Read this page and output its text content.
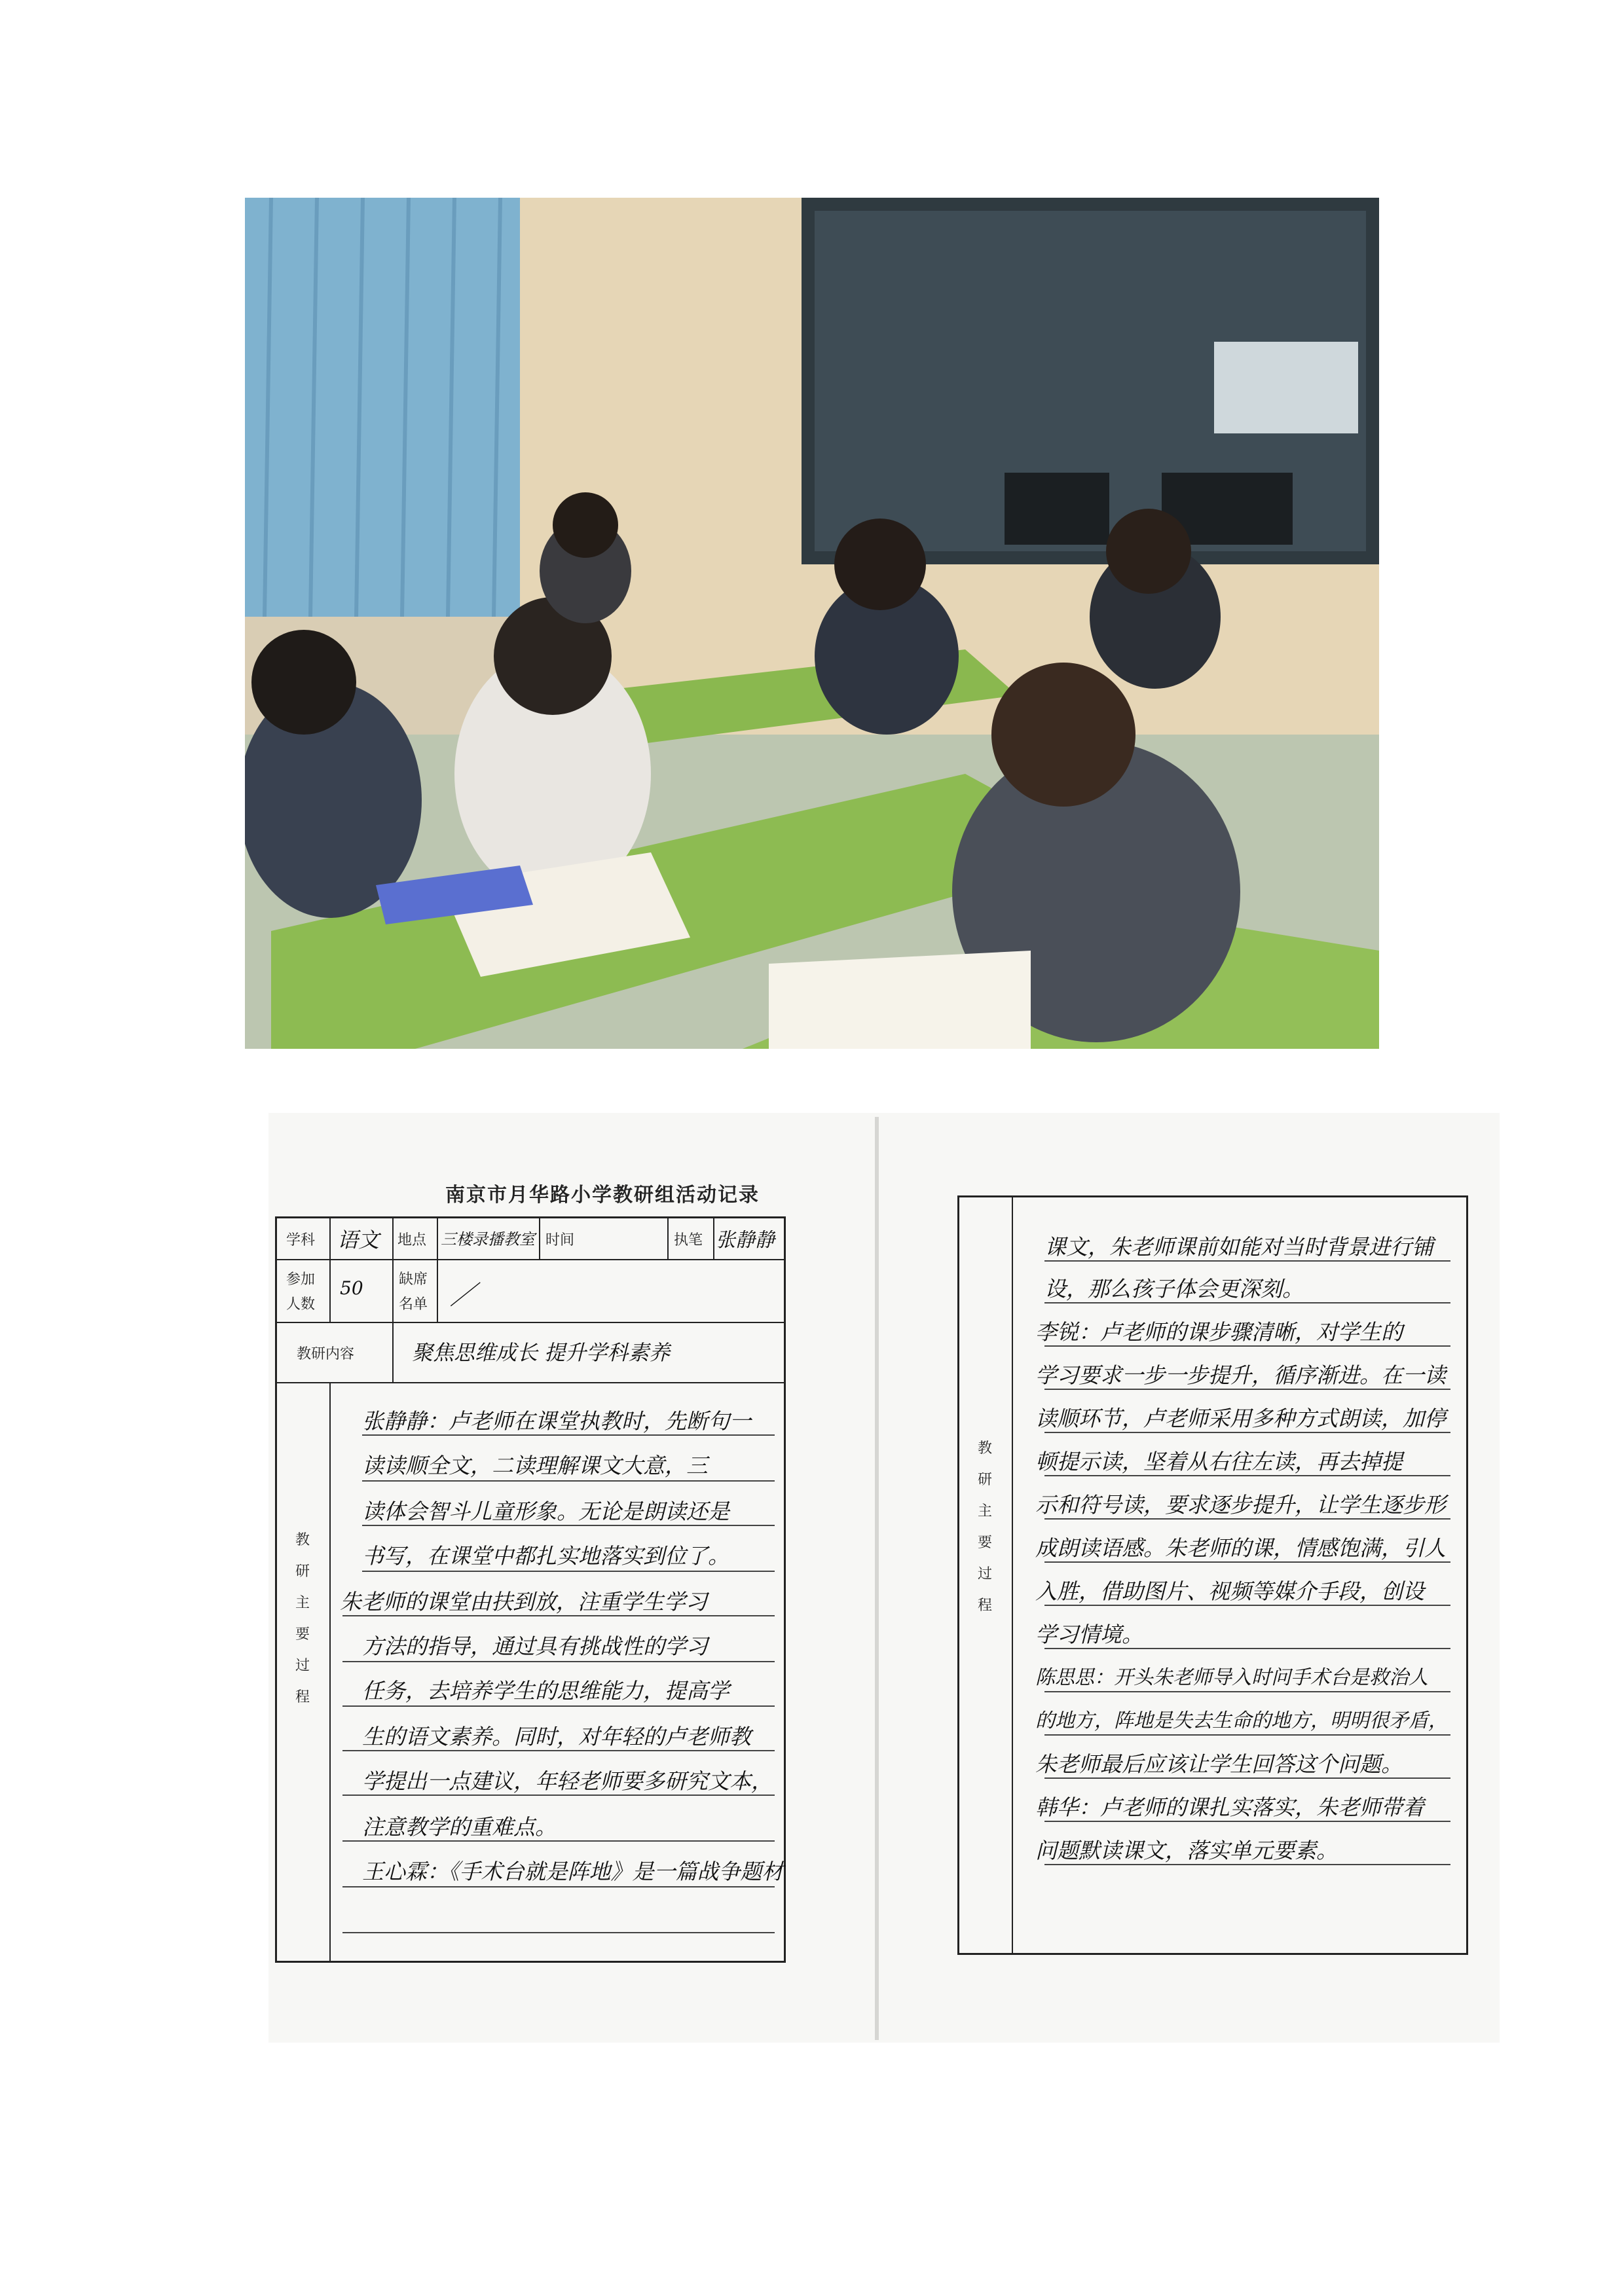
南京市月华路小学教研组活动记录
学科 语文 地点 三楼录播教室 时间	执笔 张静静
参加
人数
50 缺席
名单 ／
教研内容	聚焦思维成长 提升学科素养
教
研
主
要
过
程
张静静：卢老师在课堂执教时，先断句一
读读顺全文，二读理解课文大意，三
读体会智斗儿童形象。无论是朗读还是
书写，在课堂中都扎实地落实到位了。
朱老师的课堂由扶到放，注重学生学习
方法的指导，通过具有挑战性的学习
任务，去培养学生的思维能力，提高学
生的语文素养。同时，对年轻的卢老师教
学提出一点建议，年轻老师要多研究文本，
注意教学的重难点。
王心霖：《手术台就是阵地》是一篇战争题材
教
研
主
要
过
程
课文，朱老师课前如能对当时背景进行铺
设，那么孩子体会更深刻。
李锐：卢老师的课步骤清晰，对学生的
学习要求一步一步提升，循序渐进。在一读
读顺环节，卢老师采用多种方式朗读，加停
顿提示读，坚着从右往左读，再去掉提
示和符号读，要求逐步提升，让学生逐步形
成朗读语感。朱老师的课，情感饱满，引人
入胜，借助图片、视频等媒介手段，创设
学习情境。
陈思思：开头朱老师导入时问手术台是救治人
的地方，阵地是失去生命的地方，明明很矛盾，
朱老师最后应该让学生回答这个问题。
韩华：卢老师的课扎实落实，朱老师带着
问题默读课文，落实单元要素。
